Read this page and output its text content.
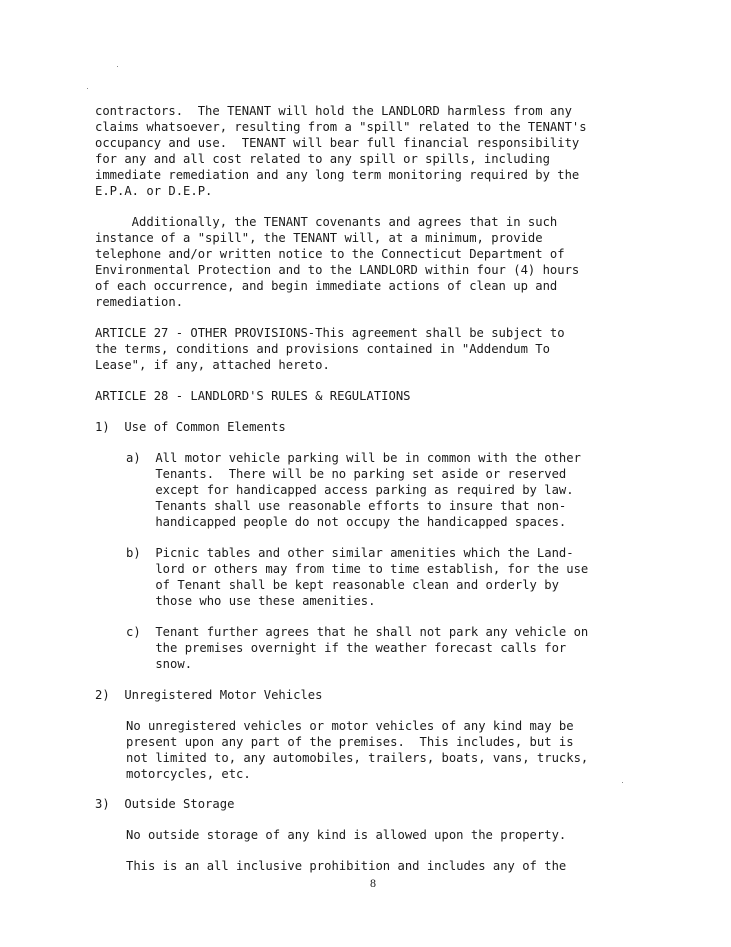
contractors.  The TENANT will hold the LANDLORD harmless from any
claims whatsoever, resulting from a "spill" related to the TENANT's
occupancy and use.  TENANT will bear full financial responsibility
for any and all cost related to any spill or spills, including
immediate remediation and any long term monitoring required by the
E.P.A. or D.E.P.
Additionally, the TENANT covenants and agrees that in such
instance of a "spill", the TENANT will, at a minimum, provide
telephone and/or written notice to the Connecticut Department of
Environmental Protection and to the LANDLORD within four (4) hours
of each occurrence, and begin immediate actions of clean up and
remediation.
ARTICLE 27 - OTHER PROVISIONS-This agreement shall be subject to
the terms, conditions and provisions contained in "Addendum To
Lease", if any, attached hereto.
ARTICLE 28 - LANDLORD'S RULES & REGULATIONS
1)  Use of Common Elements
a)  All motor vehicle parking will be in common with the other
Tenants.  There will be no parking set aside or reserved
except for handicapped access parking as required by law.
Tenants shall use reasonable efforts to insure that non-
handicapped people do not occupy the handicapped spaces.
b)  Picnic tables and other similar amenities which the Land-
lord or others may from time to time establish, for the use
of Tenant shall be kept reasonable clean and orderly by
those who use these amenities.
c)  Tenant further agrees that he shall not park any vehicle on
the premises overnight if the weather forecast calls for
snow.
2)  Unregistered Motor Vehicles
No unregistered vehicles or motor vehicles of any kind may be
present upon any part of the premises.  This includes, but is
not limited to, any automobiles, trailers, boats, vans, trucks,
motorcycles, etc.
3)  Outside Storage
No outside storage of any kind is allowed upon the property.
This is an all inclusive prohibition and includes any of the
8
